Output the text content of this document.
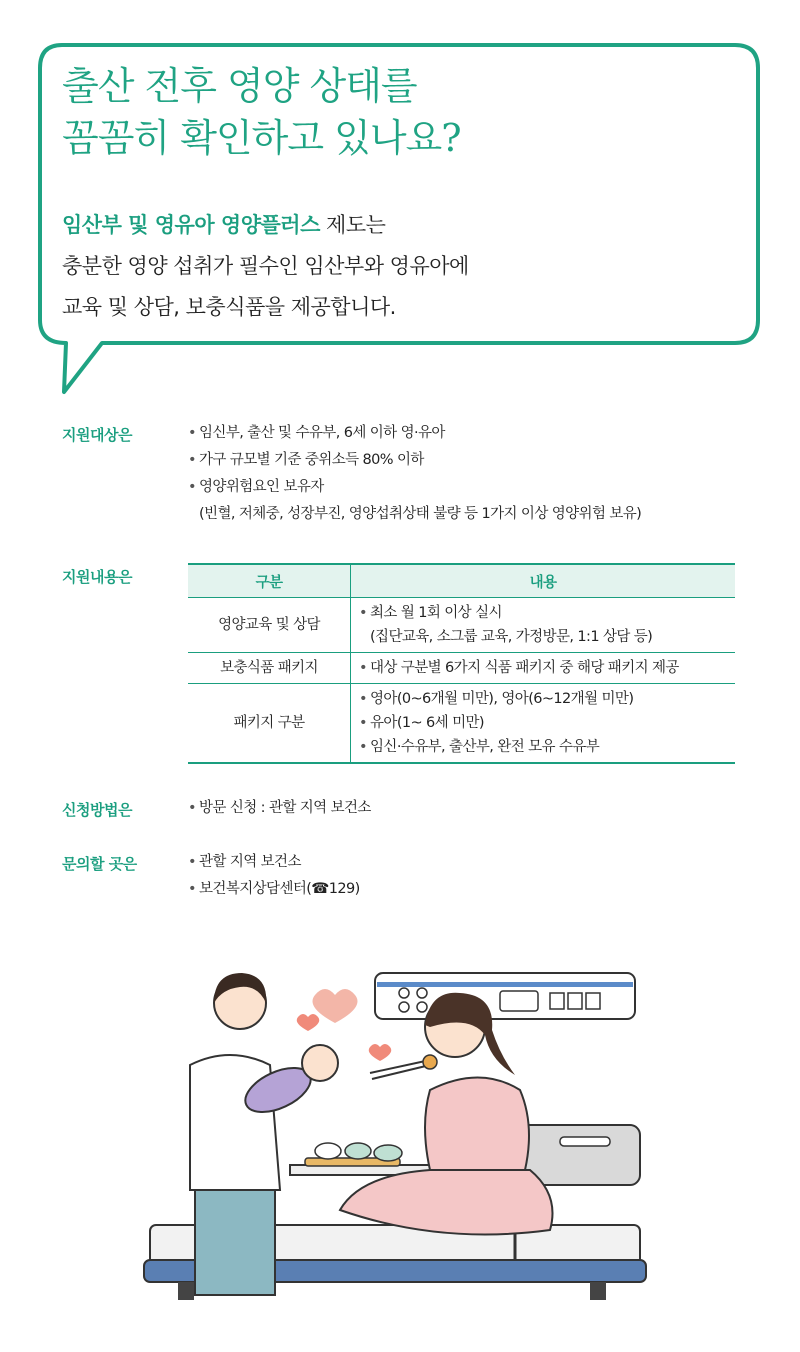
출산 전후 영양 상태를
꼼꼼히 확인하고 있나요?

임산부 및 영유아 영양플러스 제도는
충분한 영양 섭취가 필수인 임산부와 영유아에
교육 및 상담, 보충식품을 제공합니다.

지원대상은	• 임신부, 출산 및 수유부, 6세 이하 영·유아
• 가구 규모별 기준 중위소득 80% 이하
• 영양위험요인 보유자
(빈혈, 저체중, 성장부진, 영양섭취상태 불량 등 1가지 이상 영양위험 보유)
지원내용은	구분	내용
영양교육 및 상담	• 최소 월 1회 이상 실시
(집단교육, 소그룹 교육, 가정방문, 1:1 상담 등)

보충식품 패키지	• 대상 구분별 6가지 식품 패키지 중 해당 패키지 제공

패키지 구분	• 영아(0~6개월 미만), 영아(6~12개월 미만)
• 유아(1~ 6세 미만)
• 임신·수유부, 출산부, 완전 모유 수유부
신청방법은	• 방문 신청 : 관할 지역 보건소
문의할 곳은	• 관할 지역 보건소
• 보건복지상담센터(☎129)
